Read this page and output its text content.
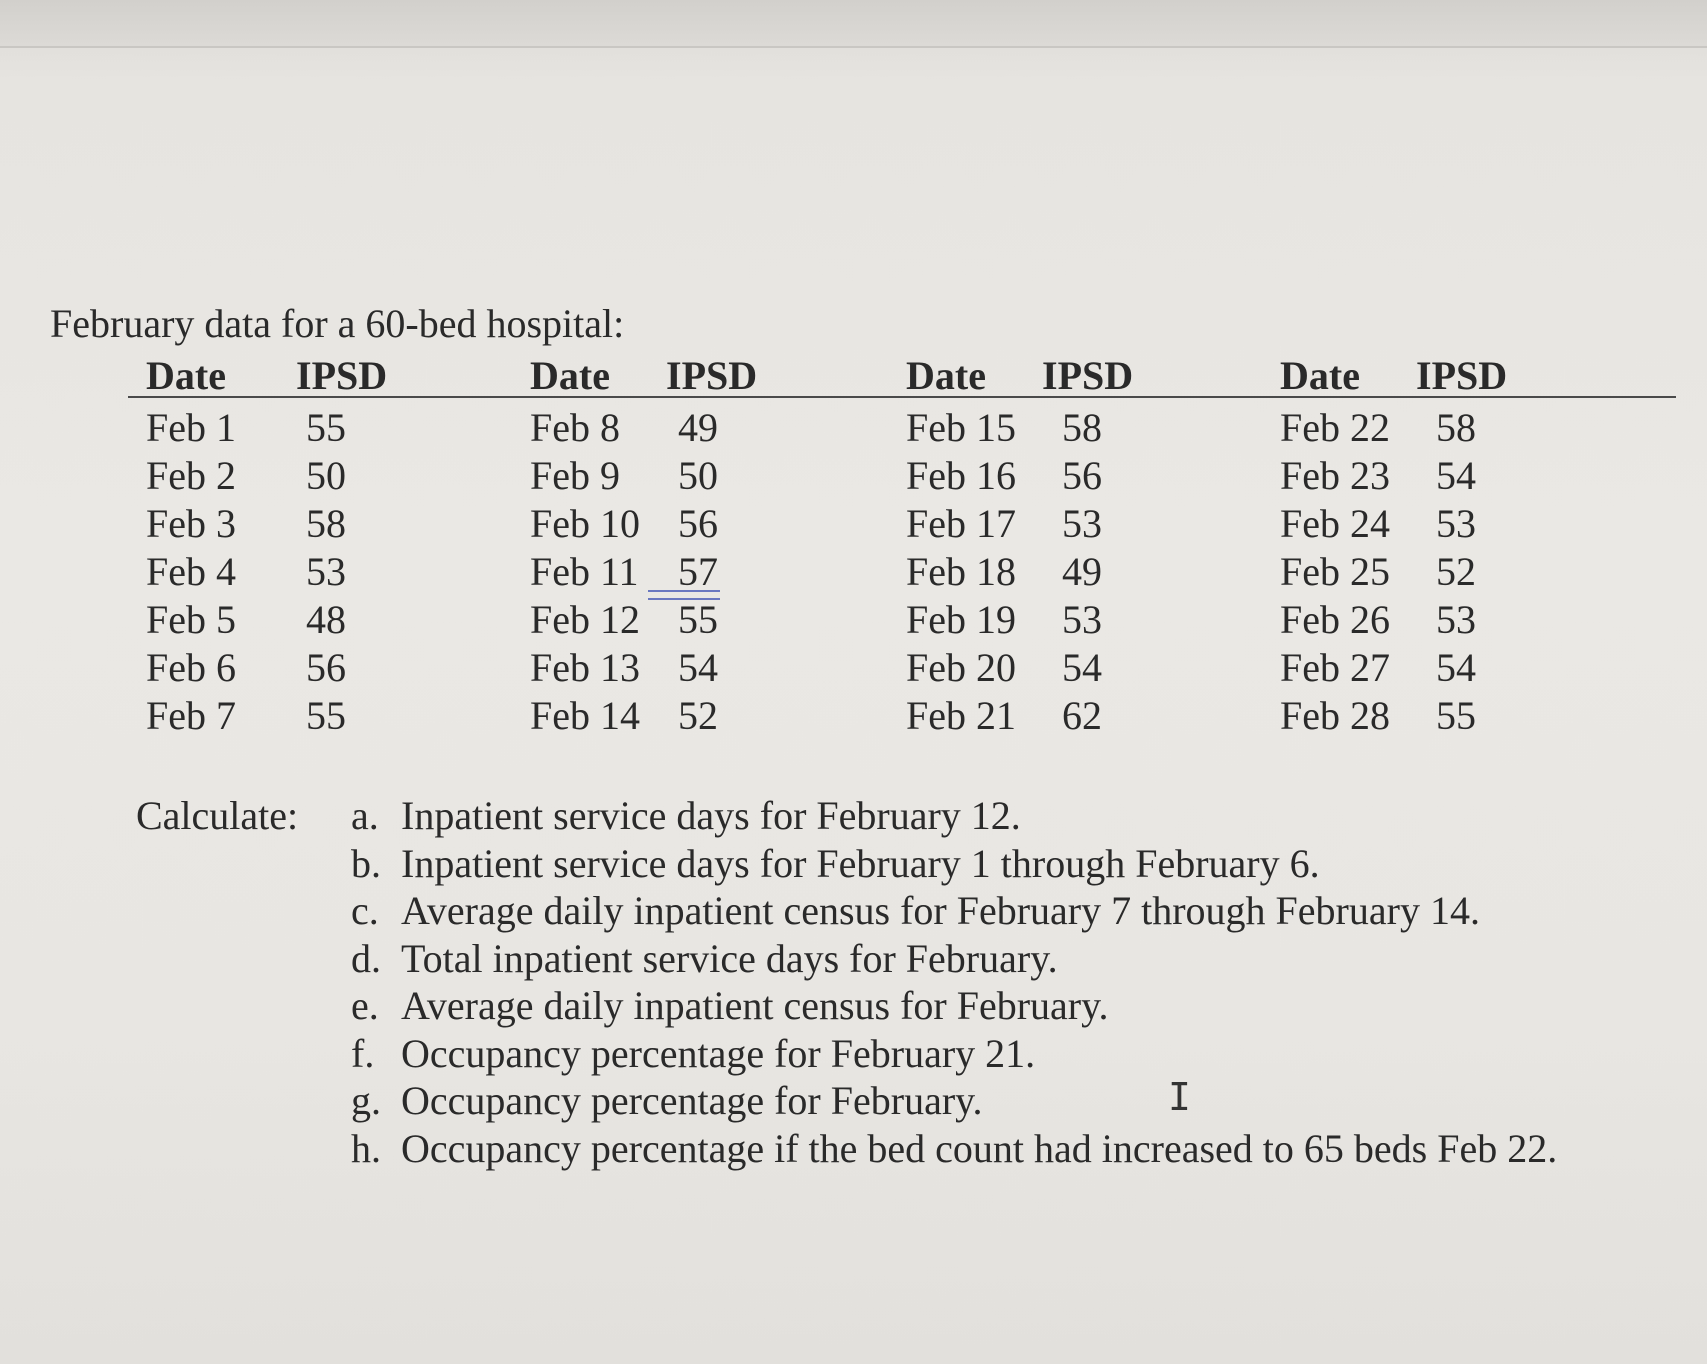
February data for a 60-bed hospital:
Date IPSD
Feb 1 55
Feb 2 50
Feb 3 58
Feb 4 53
Feb 5 48
Feb 6 56
Feb 7 55
Date IPSD
Feb 8 49
Feb 9 50
Feb 10 56
Feb 11 57
Feb 12 55
Feb 13 54
Feb 14 52
Date IPSD
Feb 15 58
Feb 16 56
Feb 17 53
Feb 18 49
Feb 19 53
Feb 20 54
Feb 21 62
Date IPSD
Feb 22 58
Feb 23 54
Feb 24 53
Feb 25 52
Feb 26 53
Feb 27 54
Feb 28 55
Calculate: a. Inpatient service days for February 12.
b. Inpatient service days for February 1 through February 6.
c. Average daily inpatient census for February 7 through February 14.
d. Total inpatient service days for February.
e. Average daily inpatient census for February.
f. Occupancy percentage for February 21.
g. Occupancy percentage for February.
h. Occupancy percentage if the bed count had increased to 65 beds Feb 22.
I
